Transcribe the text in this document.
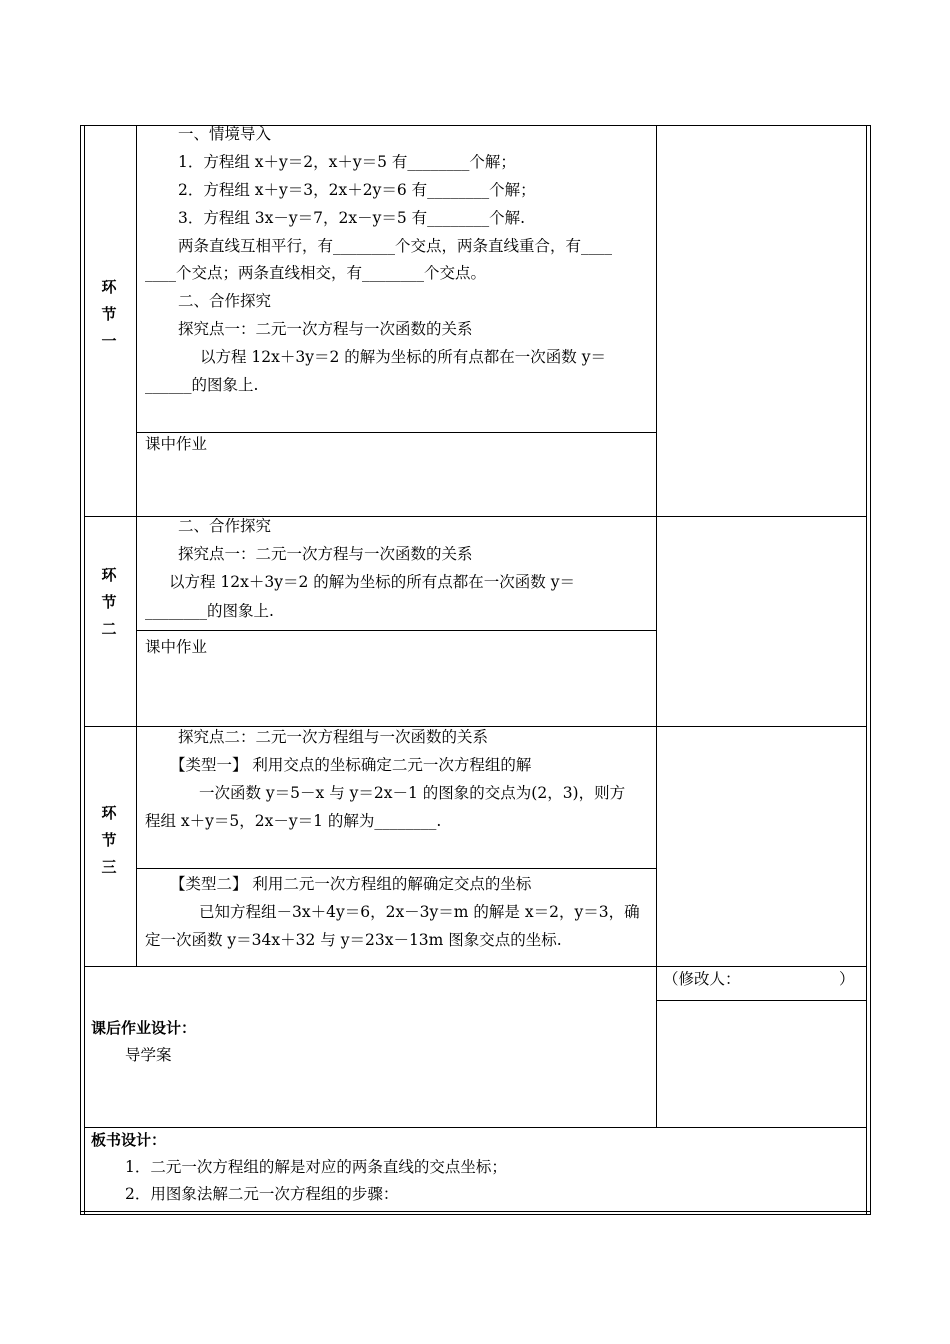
环
节
一
一、情境导入
1．方程组 x＋y＝2，x＋y＝5 有________个解；
2．方程组 x＋y＝3，2x＋2y＝6 有________个解；
3．方程组 3x－y＝7，2x－y＝5 有________个解.
两条直线互相平行，有________个交点，两条直线重合，有____
____个交点；两条直线相交，有________个交点。
二、合作探究
探究点一：二元一次方程与一次函数的关系
以方程 12x＋3y＝2 的解为坐标的所有点都在一次函数 y＝
______的图象上.
课中作业
环
节
二
二、合作探究
探究点一：二元一次方程与一次函数的关系
以方程 12x＋3y＝2 的解为坐标的所有点都在一次函数 y＝
________的图象上.
课中作业
环
节
三
探究点二：二元一次方程组与一次函数的关系
【类型一】 利用交点的坐标确定二元一次方程组的解
一次函数 y＝5－x 与 y＝2x－1 的图象的交点为(2，3)，则方
程组 x＋y＝5，2x－y＝1 的解为________.
【类型二】 利用二元一次方程组的解确定交点的坐标
已知方程组－3x＋4y＝6，2x－3y＝m 的解是 x＝2，y＝3，确
定一次函数 y＝34x＋32 与 y＝23x－13m 图象交点的坐标.
课后作业设计：
导学案
（修改人：                    ）
板书设计：
1．二元一次方程组的解是对应的两条直线的交点坐标；
2．用图象法解二元一次方程组的步骤：
